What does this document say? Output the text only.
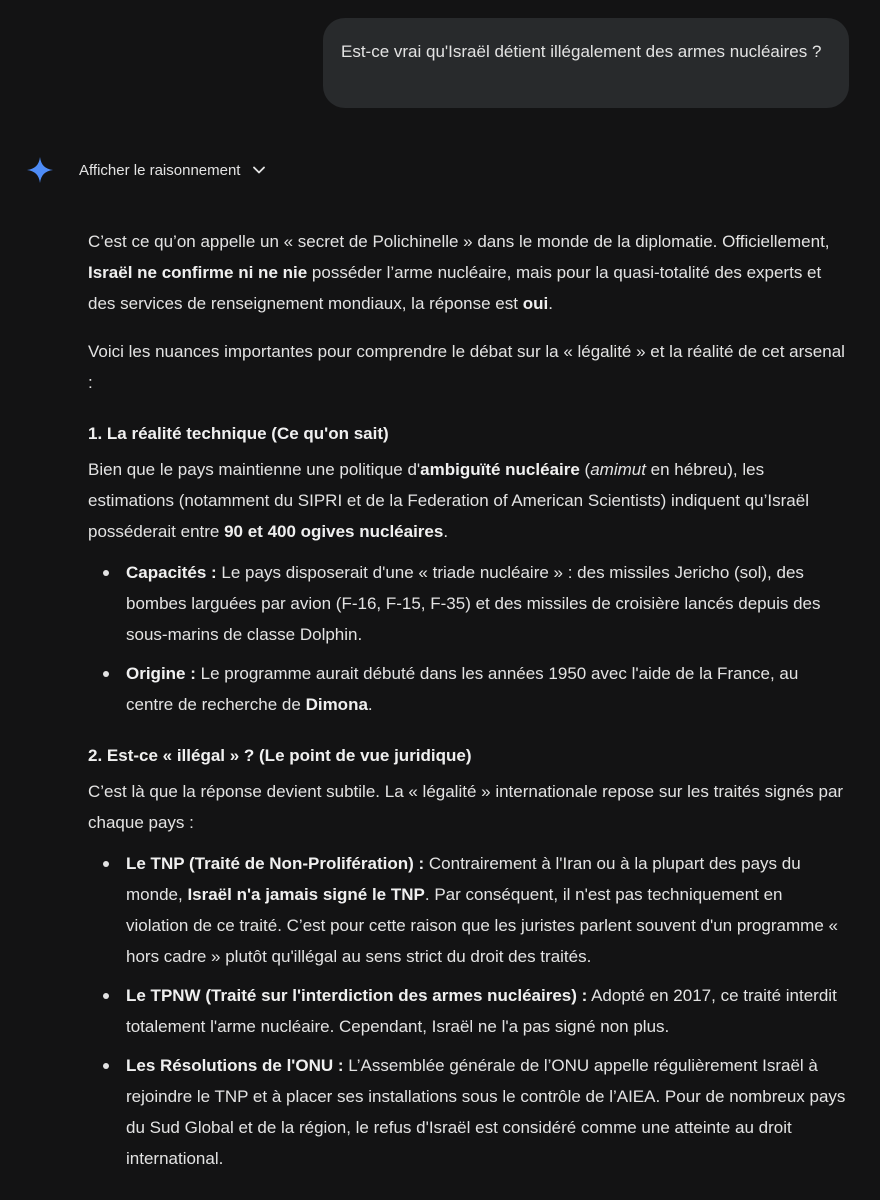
Est-ce vrai qu'Israël détient illégalement des armes nucléaires ?
Afficher le raisonnement

C’est ce qu’on appelle un « secret de Polichinelle » dans le monde de la diplomatie. Officiellement, Israël ne confirme ni ne nie posséder l’arme nucléaire, mais pour la quasi-totalité des experts et des services de renseignement mondiaux, la réponse est oui.

Voici les nuances importantes pour comprendre le débat sur la « légalité » et la réalité de cet arsenal :

1. La réalité technique (Ce qu'on sait)

Bien que le pays maintienne une politique d'ambiguïté nucléaire (amimut en hébreu), les estimations (notamment du SIPRI et de la Federation of American Scientists) indiquent qu’Israël posséderait entre 90 et 400 ogives nucléaires.

Capacités : Le pays disposerait d'une « triade nucléaire » : des missiles Jericho (sol), des bombes larguées par avion (F-16, F-15, F-35) et des missiles de croisière lancés depuis des sous-marins de classe Dolphin.
Origine : Le programme aurait débuté dans les années 1950 avec l'aide de la France, au centre de recherche de Dimona.

2. Est-ce « illégal » ? (Le point de vue juridique)

C’est là que la réponse devient subtile. La « légalité » internationale repose sur les traités signés par chaque pays :

Le TNP (Traité de Non-Prolifération) : Contrairement à l'Iran ou à la plupart des pays du monde, Israël n'a jamais signé le TNP. Par conséquent, il n'est pas techniquement en violation de ce traité. C’est pour cette raison que les juristes parlent souvent d'un programme « hors cadre » plutôt qu'illégal au sens strict du droit des traités.
Le TPNW (Traité sur l'interdiction des armes nucléaires) : Adopté en 2017, ce traité interdit totalement l'arme nucléaire. Cependant, Israël ne l'a pas signé non plus.
Les Résolutions de l'ONU : L’Assemblée générale de l’ONU appelle régulièrement Israël à rejoindre le TNP et à placer ses installations sous le contrôle de l’AIEA. Pour de nombreux pays du Sud Global et de la région, le refus d'Israël est considéré comme une atteinte au droit international.
